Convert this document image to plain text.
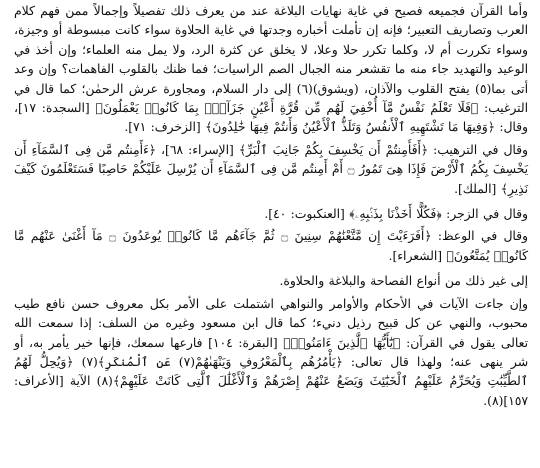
وأما القرآن فجميعه فصيح في غاية نهايات البلاغة عند من يعرف ذلك تفصيلاً وإجمالاً ممن فهم كلام العرب وتصاريف التعبير؛ فإنه إن تأملت أخباره وجدتها في غاية الحلاوة سواء كانت مبسوطة أو وجيزة، وسواء تكررت أم لا، وكلما تكرر حلا وعلا، لا يخلق عن كثرة الرد، ولا يمل منه العلماء؛ وإن أخذ في الوعيد والتهديد جاء منه ما تقشعر منه الجبال الصم الراسيات؛ فما ظنك بالقلوب الفاهمات؟ وإن وعد أتى بما(٥) يفتح القلوب والآذان، (ويشوق)(٦) إلى دار السلام، ومجاورة عرش الرحمٰن؛ كما قال في الترغيب: ﴿فَلَا تَعْلَمُ نَفْسٌ مَّآ أُخْفِيَ لَهُم مِّن قُرَّةِ أَعْيُنٍ جَزَآءًۢ بِمَا كَانُوا۟ يَعْمَلُونَ﴾ [السجدة: ١٧]، وقال: ﴿وَفِيهَا مَا تَشْتَهِيهِ ٱلْأَنفُسُ وَتَلَذُّ ٱلْأَعْيُنُ وَأَنتُمْ فِيهَا خَٰلِدُونَ﴾ [الزخرف: ٧١].

وقال في الترهيب: ﴿أَفَأَمِنتُمْ أَن يَخْسِفَ بِكُمْ جَانِبَ ٱلْبَرِّ﴾ [الإسراء: ٦٨]، ﴿ءَأَمِنتُم مَّن فِى ٱلسَّمَآءِ أَن يَخْسِفَ بِكُمُ ٱلْأَرْضَ فَإِذَا هِىَ تَمُورُ ۝ أَمْ أَمِنتُم مَّن فِى ٱلسَّمَآءِ أَن يُرْسِلَ عَلَيْكُمْ حَاصِبًا فَسَتَعْلَمُونَ كَيْفَ نَذِيرِ﴾ [الملك].

وقال في الزجر: ﴿فَكُلًّا أَخَذْنَا بِذَنۢبِهِۦ﴾ [العنكبوت: ٤٠].

وقال في الوعظ: ﴿أَفَرَءَيْتَ إِن مَّتَّعْنَٰهُمْ سِنِينَ ۝ ثُمَّ جَآءَهُم مَّا كَانُوا۟ يُوعَدُونَ ۝ مَآ أَغْنَىٰ عَنْهُم مَّا كَانُوا۟ يُمَتَّعُونَ﴾ [الشعراء].

إلى غير ذلك من أنواع الفصاحة والبلاغة والحلاوة.

وإن جاءت الآيات في الأحكام والأوامر والنواهي اشتملت على الأمر بكل معروف حسن نافع طيب محبوب، والنهي عن كل قبيح رذيل دنيء؛ كما قال ابن مسعود وغيره من السلف: إذا سمعت الله تعالى يقول في القرآن: ﴿يَٰٓأَيُّهَا ٱلَّذِينَ ءَامَنُوا۟﴾ [البقرة: ١٠٤] فارعها سمعك، فإنها خير يأمر به، أو شر ينهى عنه؛ ولهذا قال تعالى: ﴿يَأْمُرُهُم بِٱلْمَعْرُوفِ وَيَنْهَىٰهُمْ(٧) عَنِ ٱلْمُنكَرِ﴾(٧) ﴿وَيُحِلُّ لَهُمُ ٱلطَّيِّبَٰتِ وَيُحَرِّمُ عَلَيْهِمُ ٱلْخَبَٰٓئِثَ وَيَضَعُ عَنْهُمْ إِصْرَهُمْ وَٱلْأَغْلَٰلَ ٱلَّتِى كَانَتْ عَلَيْهِمْ﴾(٨) الآية [الأعراف: ١٥٧](٨).
